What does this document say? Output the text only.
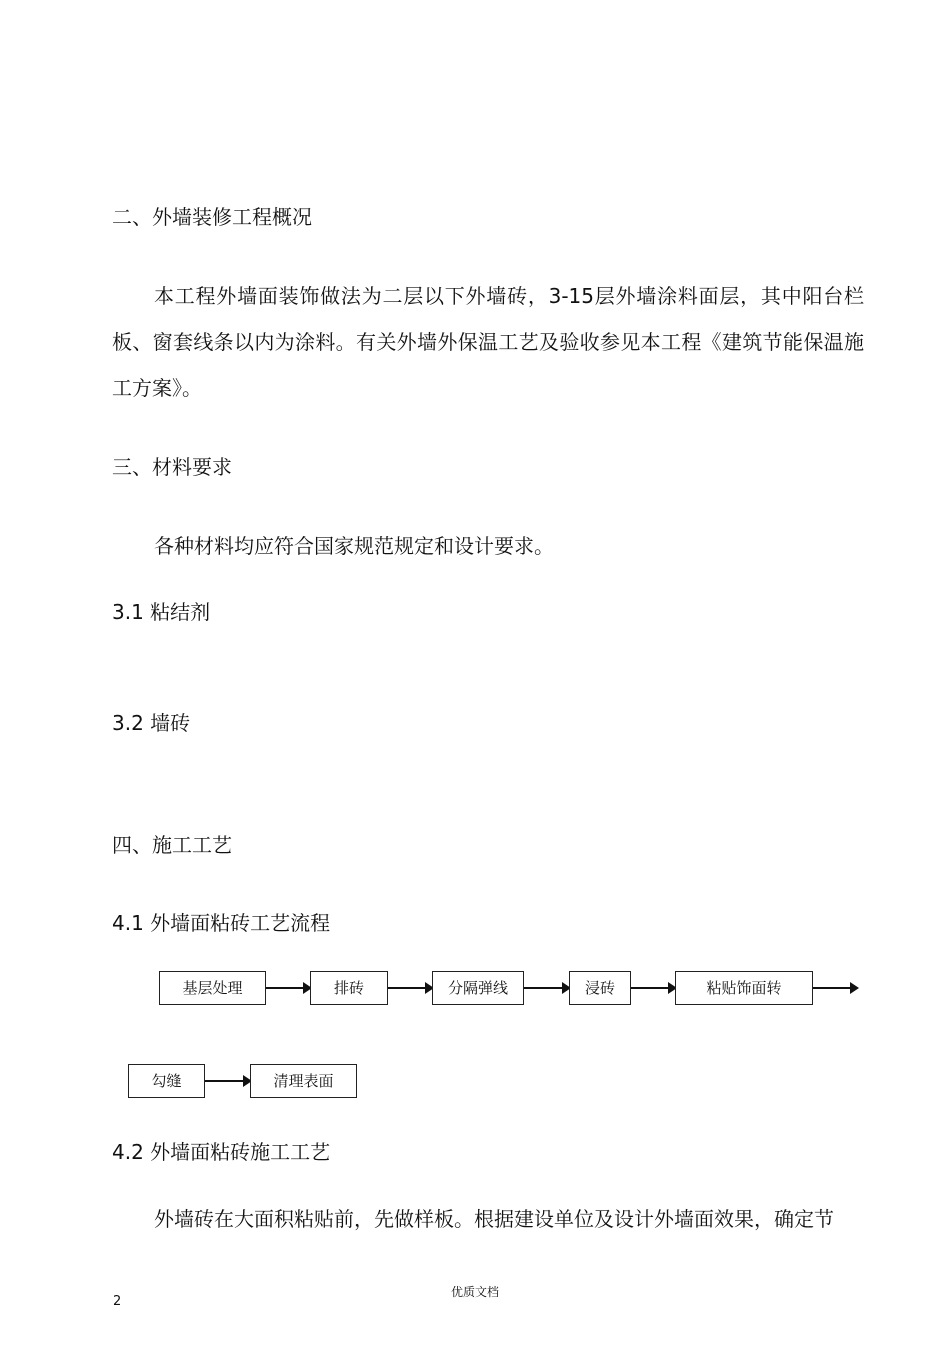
二、外墙装修工程概况
本工程外墙面装饰做法为二层以下外墙砖，3-15层外墙涂料面层，其中阳台栏板、窗套线条以内为涂料。有关外墙外保温工艺及验收参见本工程《建筑节能保温施工方案》。
三、材料要求
各种材料均应符合国家规范规定和设计要求。
3.1 粘结剂
3.2 墙砖
四、施工工艺
4.1 外墙面粘砖工艺流程
基层处理	排砖	分隔弹线	浸砖	粘贴饰面转
勾缝	清理表面
4.2 外墙面粘砖施工工艺
外墙砖在大面积粘贴前，先做样板。根据建设单位及设计外墙面效果，确定节
优质文档
2
